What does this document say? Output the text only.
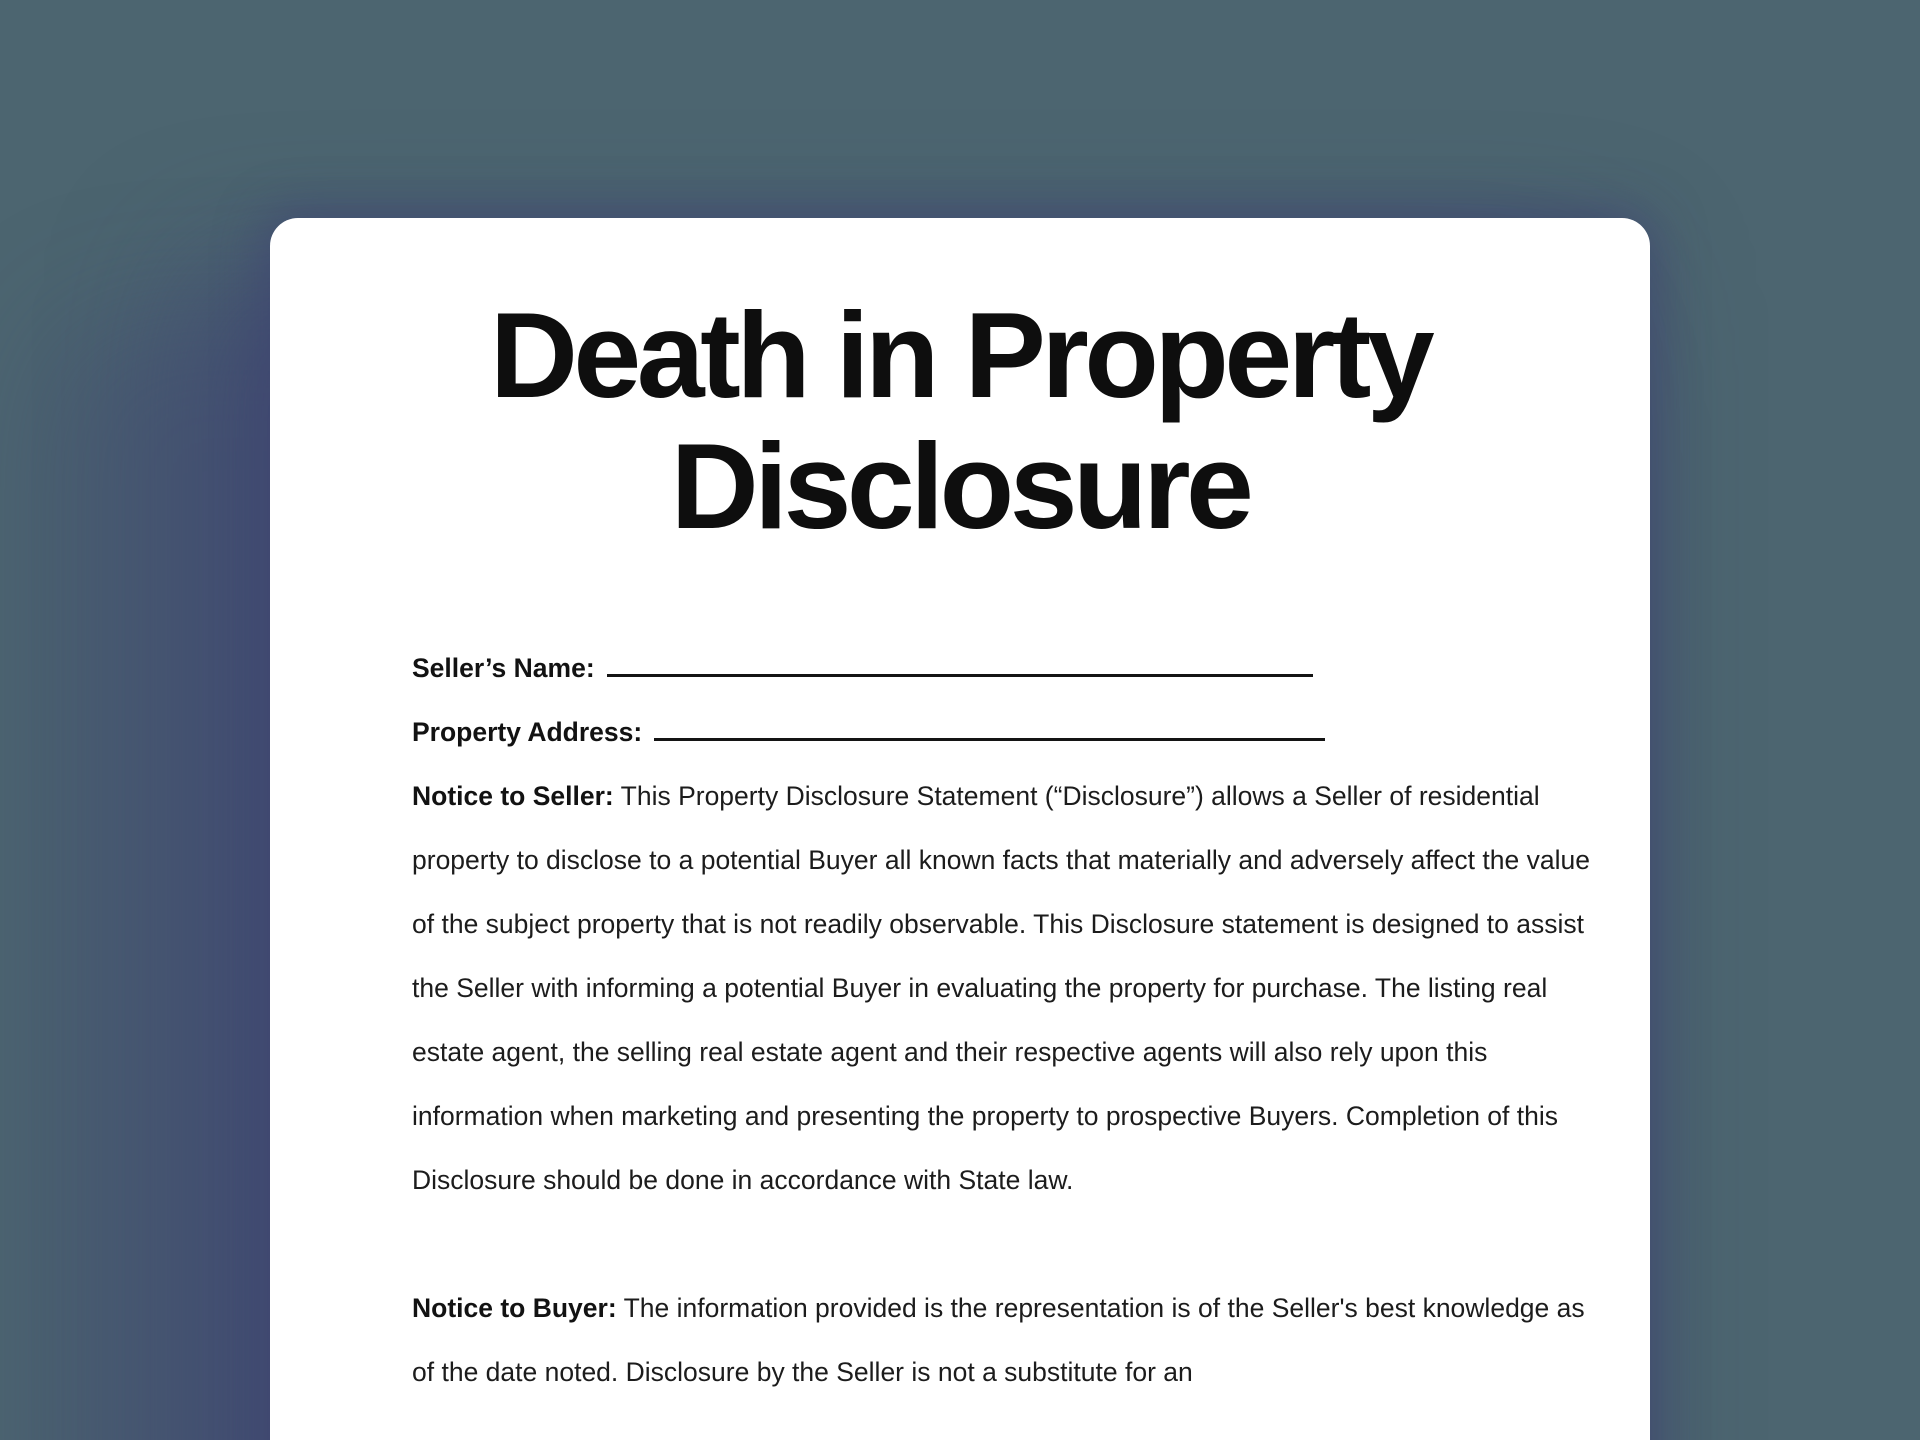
Death in Property Disclosure
Seller’s Name:
Property Address:

Notice to Seller: This Property Disclosure Statement (“Disclosure”) allows a Seller of residential property to disclose to a potential Buyer all known facts that materially and adversely affect the value of the subject property that is not readily observable. This Disclosure statement is designed to assist the Seller with informing a potential Buyer in evaluating the property for purchase. The listing real estate agent, the selling real estate agent and their respective agents will also rely upon this information when marketing and presenting the property to prospective Buyers. Completion of this Disclosure should be done in accordance with State law.

Notice to Buyer: The information provided is the representation is of the Seller's best knowledge as of the date noted. Disclosure by the Seller is not a substitute for an
